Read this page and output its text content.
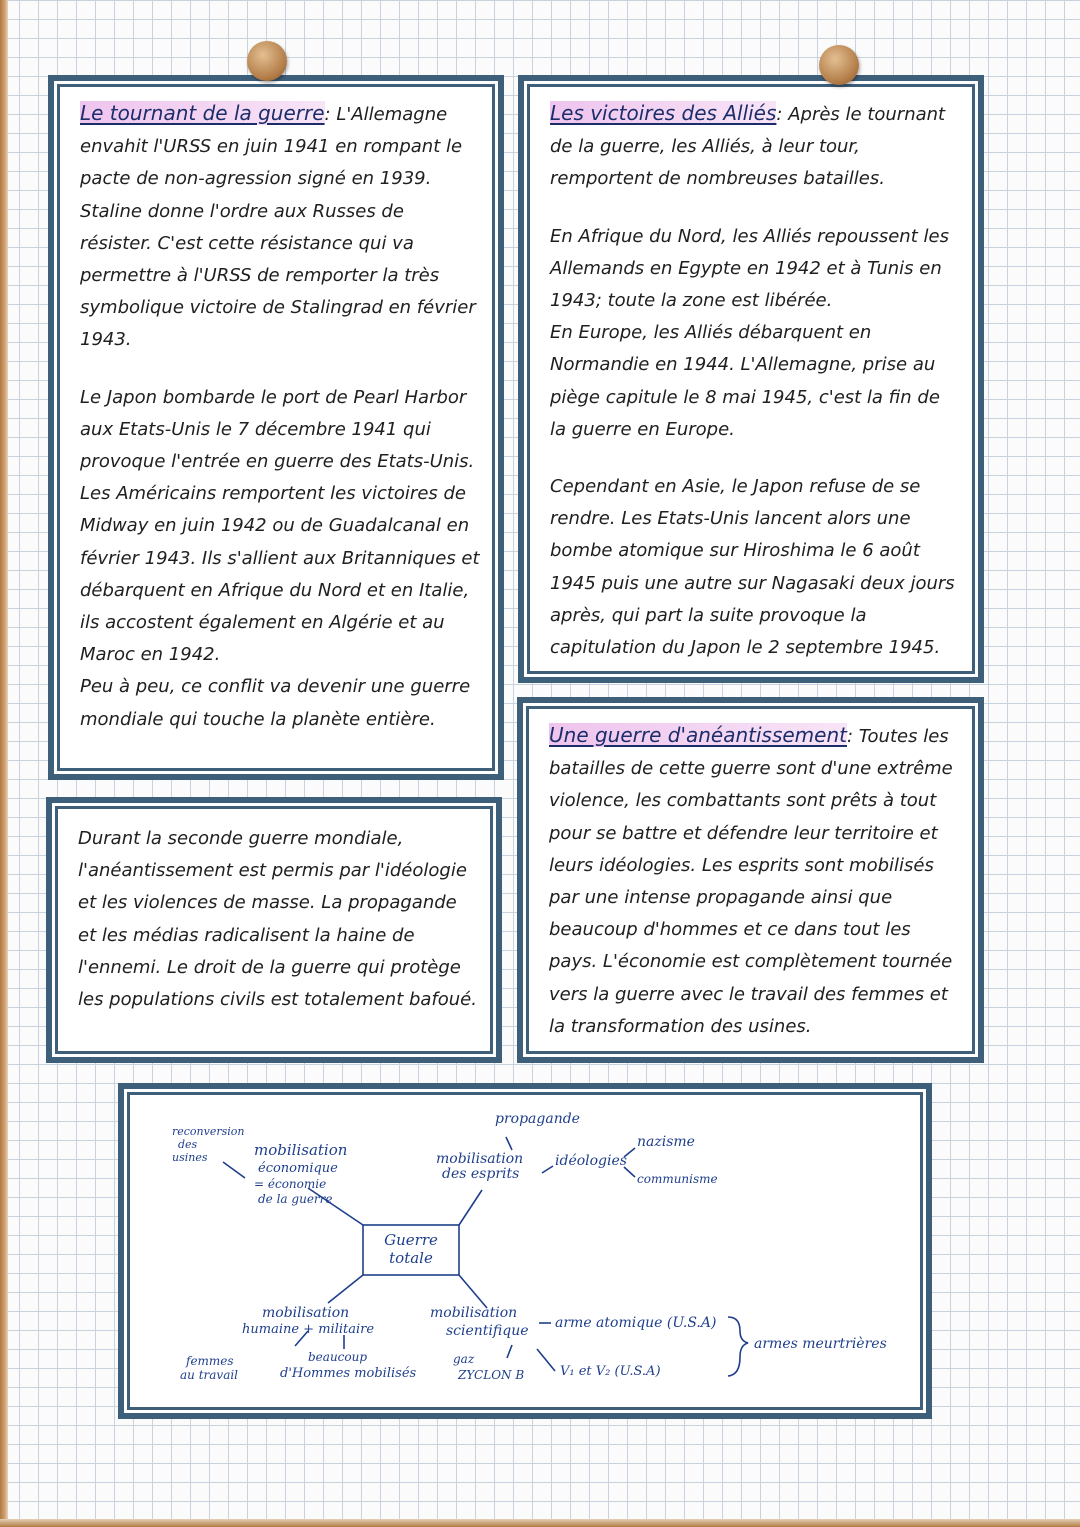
Le tournant de la guerre: L'Allemagne envahit l'URSS en juin 1941 en rompant le pacte de non-agression signé en 1939. Staline donne l'ordre aux Russes de résister. C'est cette résistance qui va permettre à l'URSS de remporter la très symbolique victoire de Stalingrad en février 1943.

Le Japon bombarde le port de Pearl Harbor aux Etats-Unis le 7 décembre 1941 qui provoque l'entrée en guerre des Etats-Unis. Les Américains remportent les victoires de Midway en juin 1942 ou de Guadalcanal en février 1943. Ils s'allient aux Britanniques et débarquent en Afrique du Nord et en Italie, ils accostent également en Algérie et au Maroc en 1942.

Peu à peu, ce conflit va devenir une guerre mondiale qui touche la planète entière.

Les victoires des Alliés: Après le tournant de la guerre, les Alliés, à leur tour, remportent de nombreuses batailles.

En Afrique du Nord, les Alliés repoussent les Allemands en Egypte en 1942 et à Tunis en 1943; toute la zone est libérée.

En Europe, les Alliés débarquent en Normandie en 1944. L'Allemagne, prise au piège capitule le 8 mai 1945, c'est la fin de la guerre en Europe.

Cependant en Asie, le Japon refuse de se rendre. Les Etats-Unis lancent alors une bombe atomique sur Hiroshima le 6 août 1945 puis une autre sur Nagasaki deux jours après, qui part la suite provoque la capitulation du Japon le 2 septembre 1945.

Durant la seconde guerre mondiale, l'anéantissement est permis par l'idéologie et les violences de masse. La propagande et les médias radicalisent la haine de l'ennemi. Le droit de la guerre qui protège les populations civils est totalement bafoué.

Une guerre d'anéantissement: Toutes les batailles de cette guerre sont d'une extrême violence, les combattants sont prêts à tout pour se battre et défendre leur territoire et leurs idéologies. Les esprits sont mobilisés par une intense propagande ainsi que beaucoup d'hommes et ce dans tout les pays. L'économie est complètement tournée vers la guerre avec le travail des femmes et la transformation des usines.

Guerre
totale
reconversion
des
usines	mobilisation
économique
= économie
de la guerre
propagande
mobilisation
des esprits
idéologies
nazisme
communisme
mobilisation
humaine + militaire
femmes
au travail
beaucoup
d'Hommes mobilisés
mobilisation
scientifique
gaz
ZYCLON B
arme atomique (U.S.A)
V₁ et V₂ (U.S.A)
armes meurtrières
